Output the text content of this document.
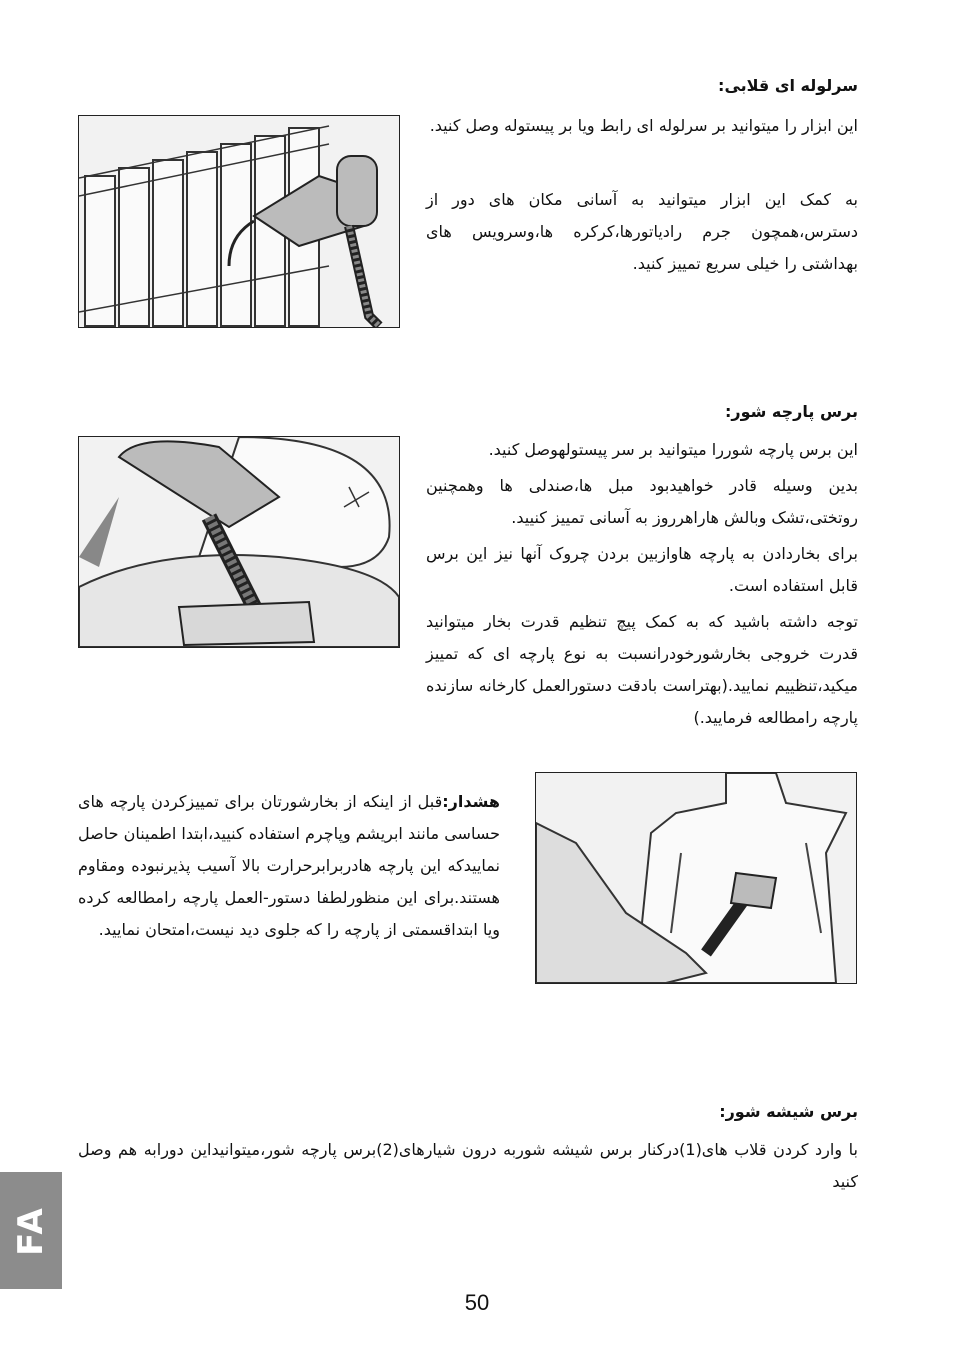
سرلوله ای قلابی:

این ابزار را میتوانید بر سرلوله ای رابط ویا بر پیستوله وصل کنید.

به کمک این ابزار میتوانید به آسانی مکان های دور از دسترس،همچون جرم رادیاتورها،کرکره ها،وسرویس های بهداشتی را خیلی سریع تمییز کنید.

برس پارچه شور:

این برس پارچه شوررا میتوانید بر سر پیستولهوصل کنید.

بدین وسیله قادر خواهیدبود مبل ها،صندلی ها وهمچنین روتختی،تشک وبالش هاراهرروز به آسانی تمییز کنیید.

برای بخاردادن به پارچه هاوازبین بردن چروک آنها نیز این برس قابل استفاده است.

توجه داشته باشید که به کمک پیچ تنظیم قدرت بخار میتوانید قدرت خروجی بخارشورخودرانسبت به نوع پارچه ای که تمییز میکید،تنظییم نمایید.(بهتراست بادقت دستورالعمل کارخانه سازنده پارچه رامطالعه فرمایید.)

هشدار:قبل از اینکه از بخارشورتان برای تمییزکردن پارچه های حساسی مانند ابریشم وپاچرم استفاده کنیید،ابتدا اطمینان حاصل نماییدکه این پارچه هادربرابرحرارت بالا آسیب پذیرنبوده ومقاوم هستند.برای این منظورلطفا دستور-العمل پارچه رامطالعه کرده ویا ابتداقسمتی از پارچه را که جلوی دید نیست،امتحان نمایید.

برس شیشه شور:

با وارد کردن قلاب های(1)درکنار برس شیشه شوربه درون شیارهای(2)برس پارچه شور،میتوانیداین دورابه هم وصل کنید

FA
50
